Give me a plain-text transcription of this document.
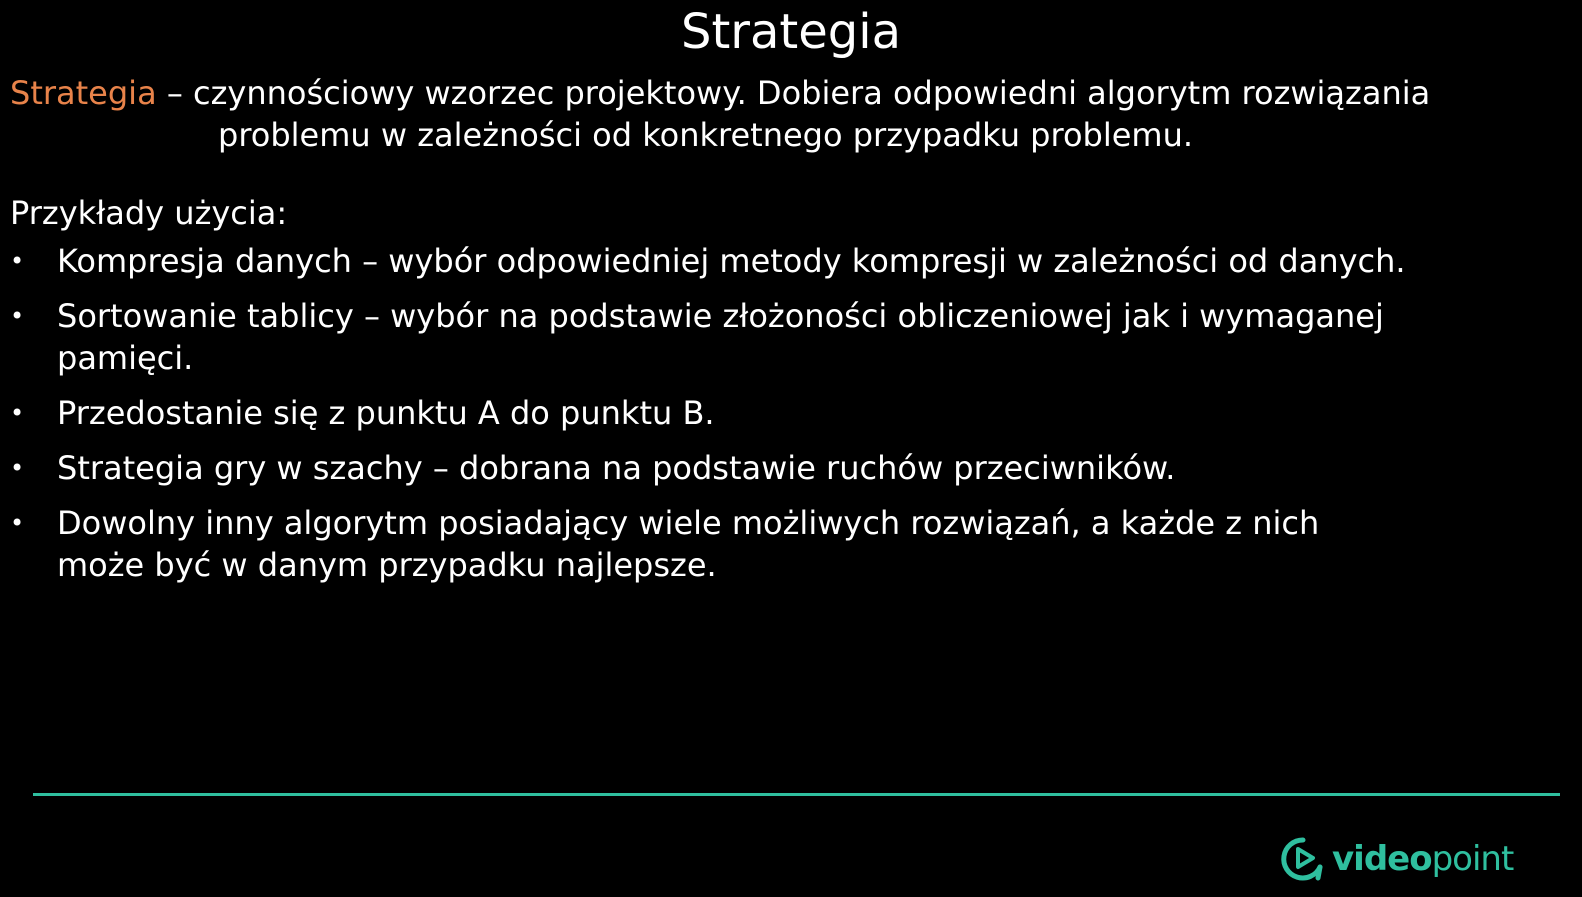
Strategia

Strategia – czynnościowy wzorzec projektowy. Dobiera odpowiedni algorytm rozwiązania
problemu w zależności od konkretnego przypadku problemu.

Przykłady użycia:
• Kompresja danych – wybór odpowiedniej metody kompresji w zależności od danych.
• Sortowanie tablicy – wybór na podstawie złożoności obliczeniowej jak i wymaganej
pamięci.
• Przedostanie się z punktu A do punktu B.
• Strategia gry w szachy – dobrana na podstawie ruchów przeciwników.
• Dowolny inny algorytm posiadający wiele możliwych rozwiązań, a każde z nich
może być w danym przypadku najlepsze.
videopoint
